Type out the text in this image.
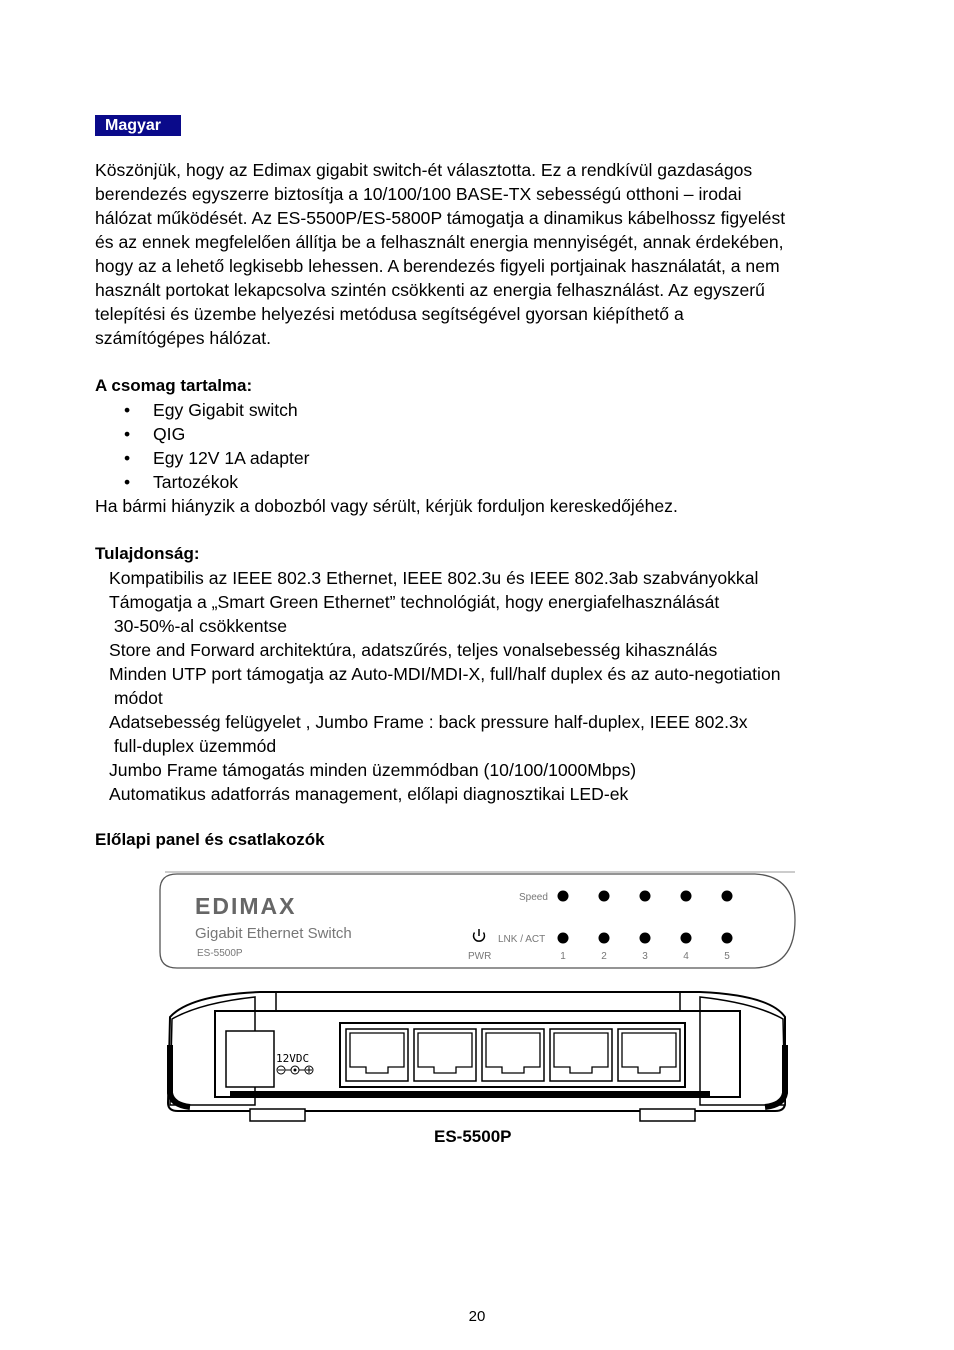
Magyar

Köszönjük, hogy az Edimax gigabit switch-ét választotta. Ez a rendkívül gazdaságos

berendezés egyszerre biztosítja a 10/100/100 BASE-TX sebességú otthoni – irodai

hálózat működését. Az ES-5500P/ES-5800P támogatja a dinamikus kábelhossz figyelést

és az ennek megfelelően állítja be a felhasznált energia mennyiségét, annak érdekében,

hogy az a lehető legkisebb lehessen. A berendezés figyeli portjainak használatát, a nem

használt portokat lekapcsolva szintén csökkenti az energia felhasználást. Az egyszerű

telepítési és üzembe helyezési metódusa segítségével gyorsan kiépíthető a

számítógépes hálózat.

A csomag tartalma:
• Egy Gigabit switch
• QIG
• Egy 12V 1A adapter
• Tartozékok
Ha bármi hiányzik a dobozból vagy sérült, kérjük forduljon kereskedőjéhez.
Tulajdonság:
Kompatibilis az IEEE 802.3 Ethernet, IEEE 802.3u és IEEE 802.3ab szabványokkal
Támogatja a „Smart Green Ethernet” technológiát, hogy energiafelhasználását
30-50%-al csökkentse
Store and Forward architektúra, adatszűrés, teljes vonalsebesség kihasználás
Minden UTP port támogatja az Auto-MDI/MDI-X, full/half duplex és az auto-negotiation
módot
Adatsebesség felügyelet , Jumbo Frame : back pressure half-duplex, IEEE 802.3x
full-duplex üzemmód
Jumbo Frame támogatás minden üzemmódban (10/100/1000Mbps)
Automatikus adatforrás management, előlapi diagnosztikai LED-ek
Előlapi panel és csatlakozók
EDIMAX
Gigabit Ethernet Switch
ES-5500P
Speed
LNK / ACT
PWR	1	2	3	4	5
12VDC
ES-5500P
20
